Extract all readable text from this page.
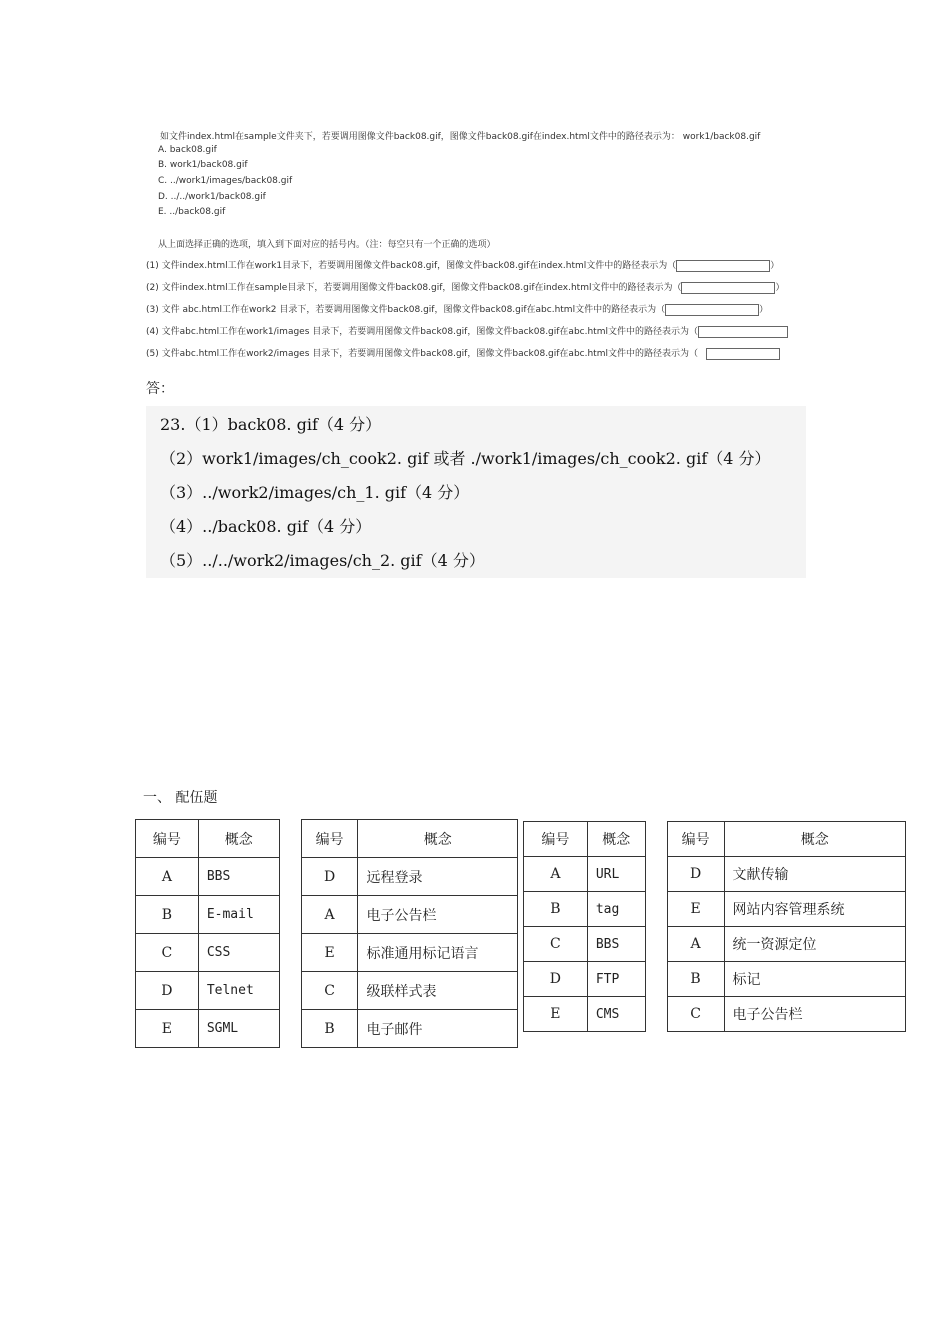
如文件index.html在sample文件夹下，若要调用图像文件back08.gif，图像文件back08.gif在index.html文件中的路径表示为： work1/back08.gif
A. back08.gif
B. work1/back08.gif
C. ../work1/images/back08.gif
D. ../../work1/back08.gif
E. ../back08.gif
从上面选择正确的选项，填入到下面对应的括号内。（注：每空只有一个正确的选项）
(1) 文件index.html工作在work1目录下，若要调用图像文件back08.gif，图像文件back08.gif在index.html文件中的路径表示为（	）
(2) 文件index.html工作在sample目录下，若要调用图像文件back08.gif，图像文件back08.gif在index.html文件中的路径表示为（	）
(3) 文件 abc.html工作在work2 目录下，若要调用图像文件back08.gif，图像文件back08.gif在abc.html文件中的路径表示为（	）
(4) 文件abc.html工作在work1/images 目录下，若要调用图像文件back08.gif，图像文件back08.gif在abc.html文件中的路径表示为（
(5) 文件abc.html工作在work2/images 目录下，若要调用图像文件back08.gif，图像文件back08.gif在abc.html文件中的路径表示为（
答：
23.（1）back08. gif（4 分）
（2）work1/images/ch_cook2. gif 或者 ./work1/images/ch_cook2. gif（4 分）
（3）../work2/images/ch_1. gif（4 分）
（4）../back08. gif（4 分）
（5）../../work2/images/ch_2. gif（4 分）
一、 配伍题
编号	概念		编号	概念
A	BBS		D	远程登录
B	E-mail		A	电子公告栏
C	CSS		E	标准通用标记语言
D	Telnet		C	级联样式表
E	SGML		B	电子邮件
编号	概念		编号	概念
A	URL		D	文献传输
B	tag		E	网站内容管理系统
C	BBS		A	统一资源定位
D	FTP		B	标记
E	CMS		C	电子公告栏
